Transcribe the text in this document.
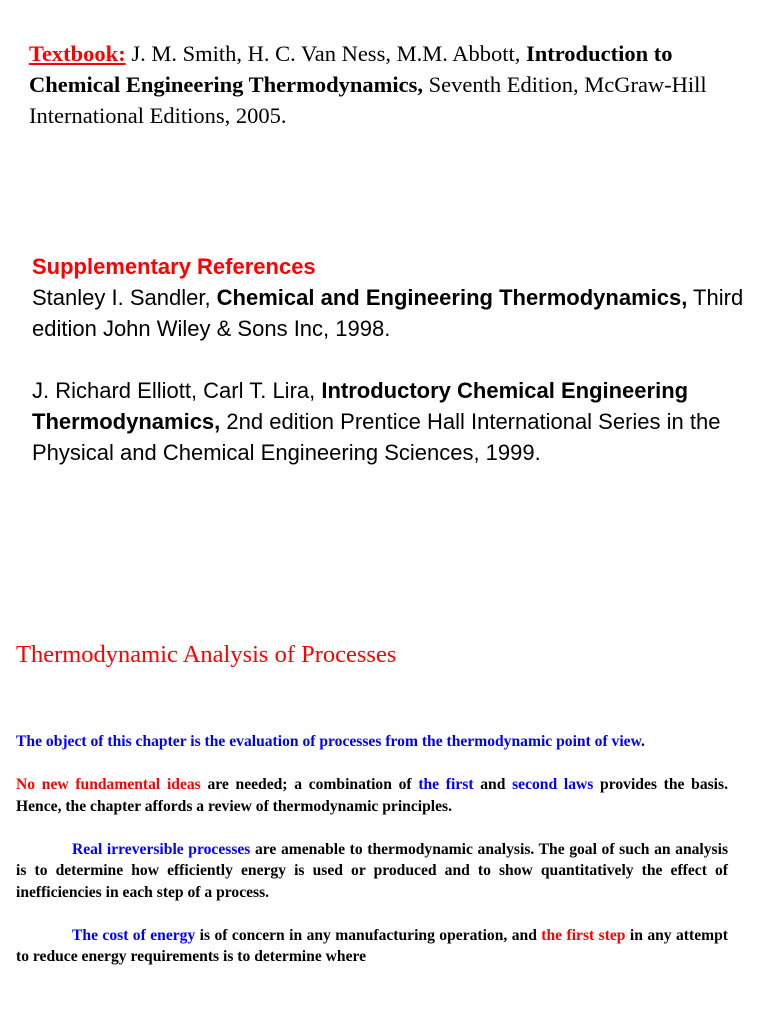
Textbook: J. M. Smith, H. C. Van Ness, M.M. Abbott, Introduction to Chemical Engineering Thermodynamics, Seventh Edition, McGraw-Hill International Editions, 2005.

Supplementary References

Stanley I. Sandler, Chemical and Engineering Thermodynamics, Third edition John Wiley & Sons Inc, 1998.

J. Richard Elliott, Carl T. Lira, Introductory Chemical Engineering Thermodynamics, 2nd edition Prentice Hall International Series in the Physical and Chemical Engineering Sciences, 1999.

Thermodynamic Analysis of Processes

The object of this chapter is the evaluation of processes from the thermodynamic point of view.

No new fundamental ideas are needed; a combination of the first and second laws provides the basis. Hence, the chapter affords a review of thermodynamic principles.

Real irreversible processes are amenable to thermodynamic analysis. The goal of such an analysis is to determine how efficiently energy is used or produced and to show quantitatively the effect of inefficiencies in each step of a process.

The cost of energy is of concern in any manufacturing operation, and the first step in any attempt to reduce energy requirements is to determine where
